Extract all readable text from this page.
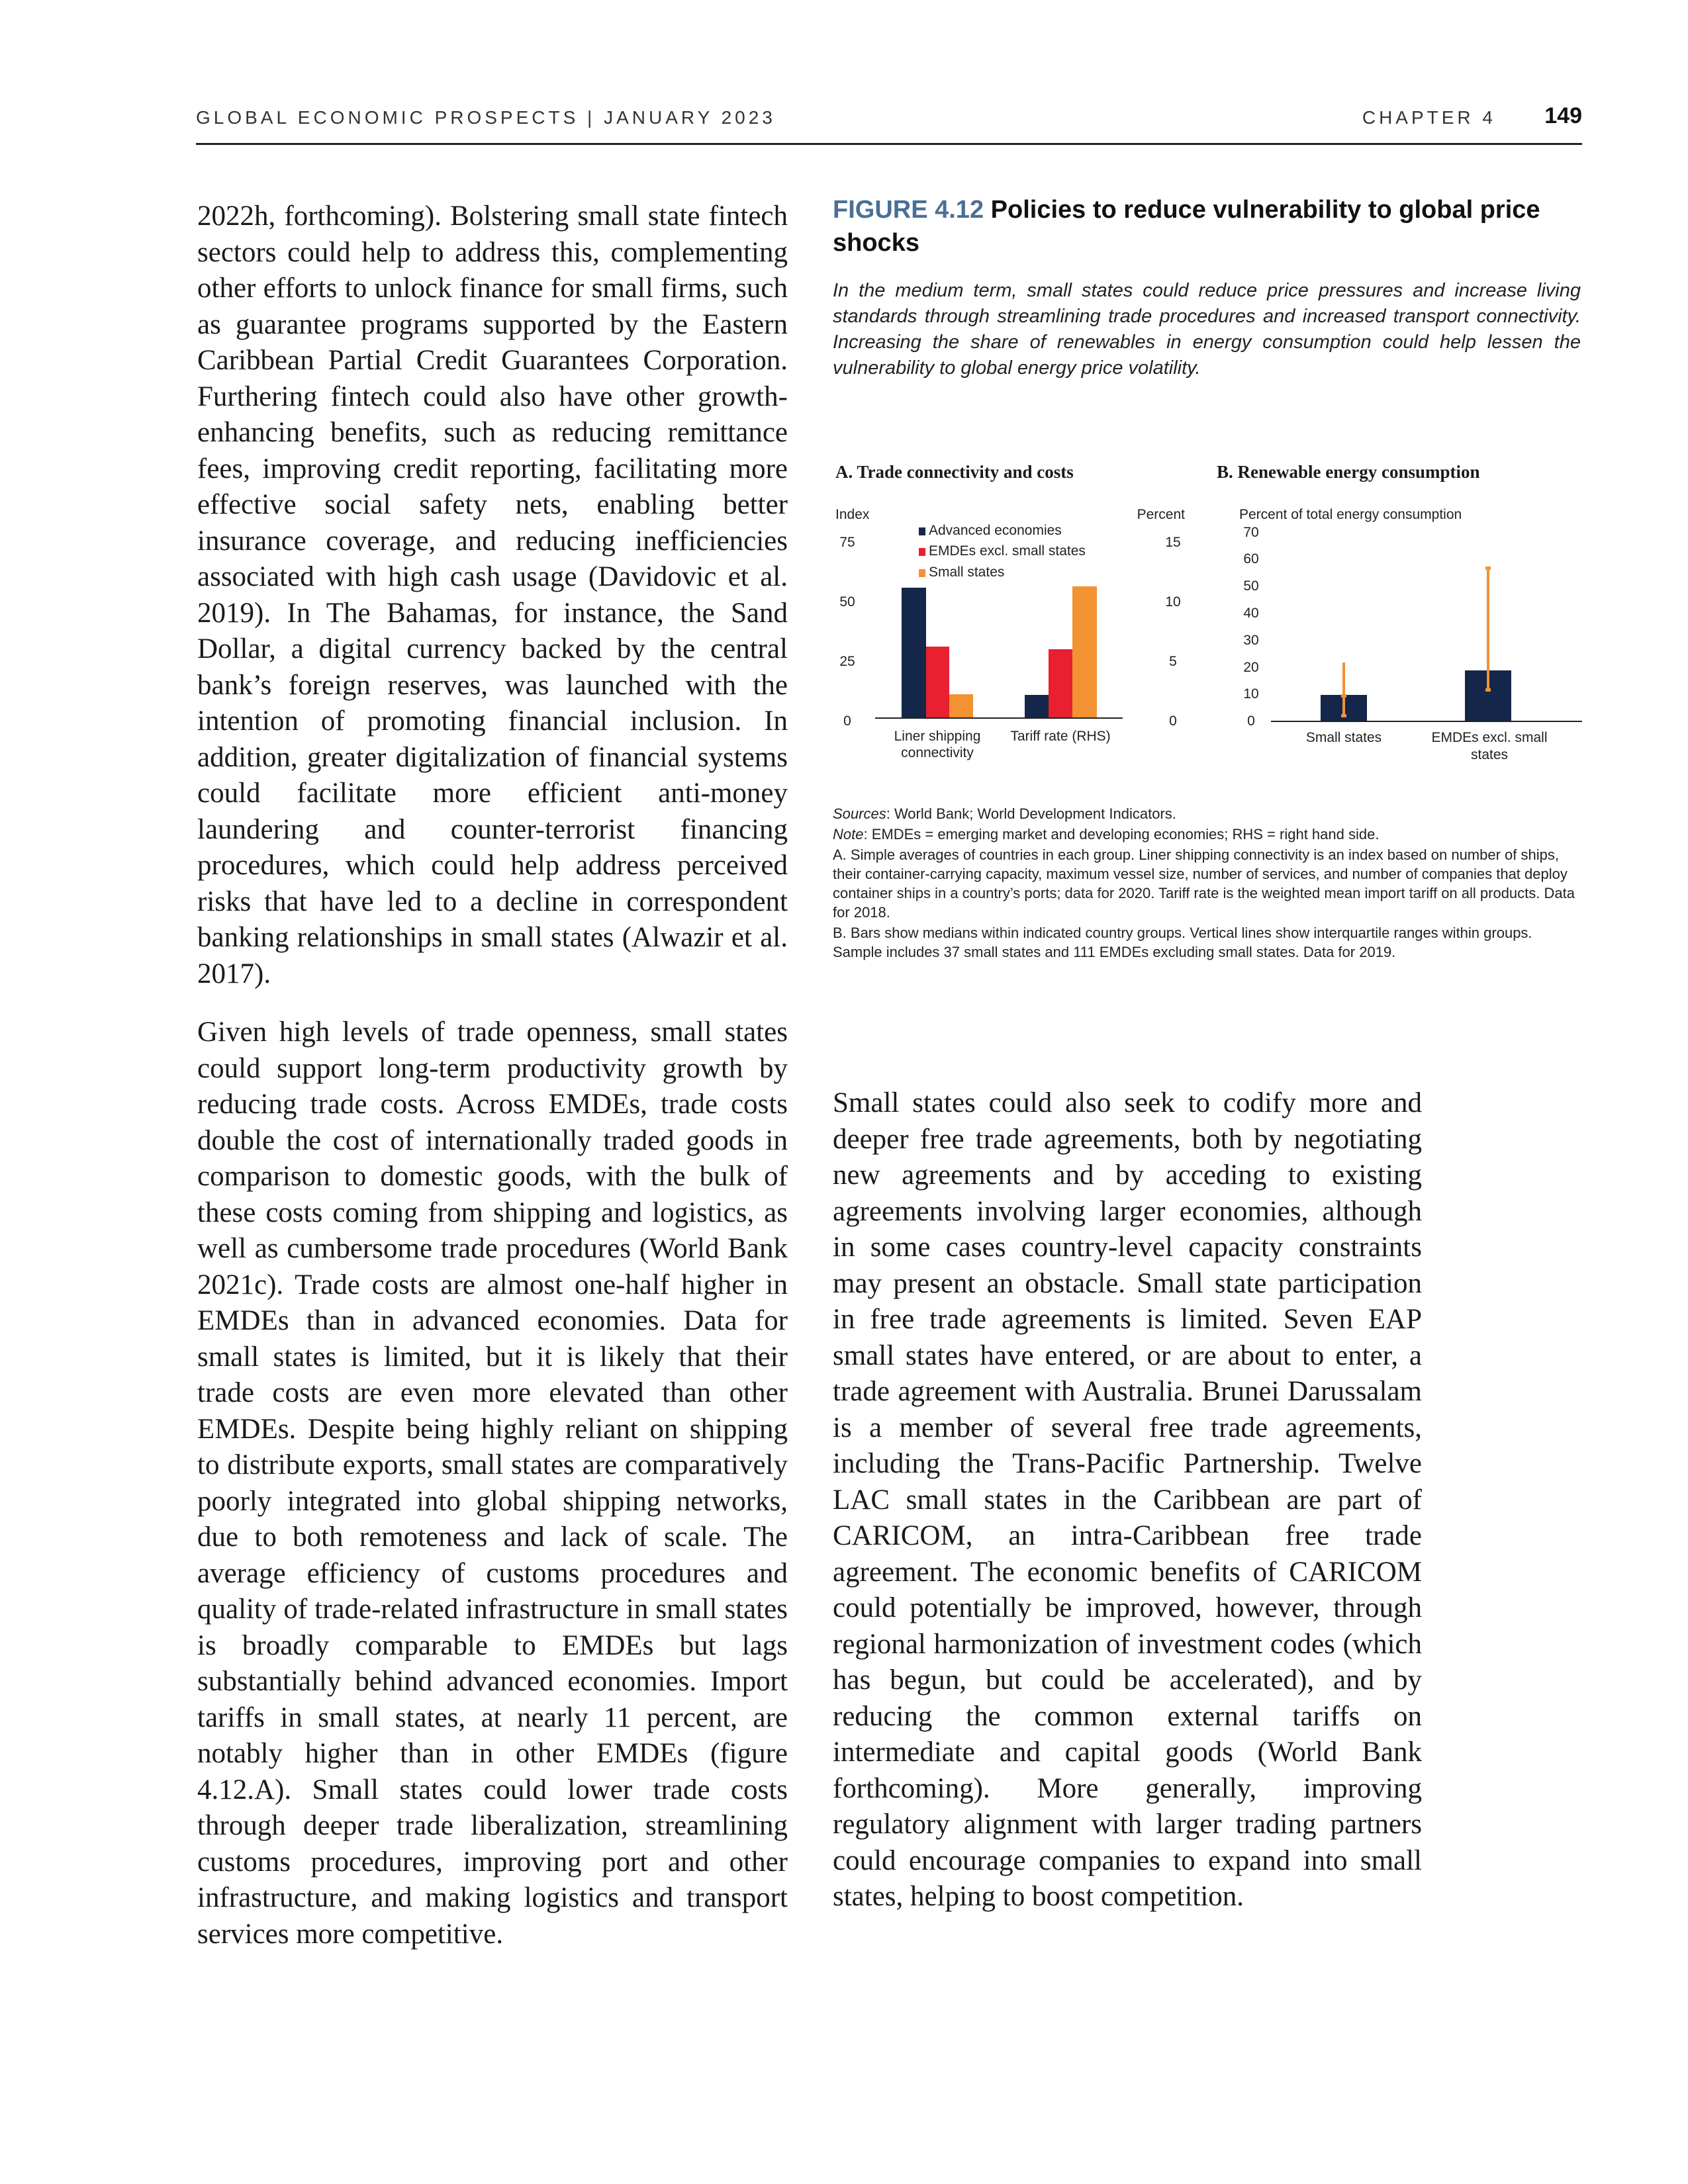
GLOBAL ECONOMIC PROSPECTS | JANUARY 2023	CHAPTER 4 149

2022h, forthcoming). Bolstering small state fintech sectors could help to address this, complementing other efforts to unlock finance for small firms, such as guarantee programs supported by the Eastern Caribbean Partial Credit Guarantees Corporation. Furthering fintech could also have other growth-enhancing benefits, such as reducing remittance fees, improving credit reporting, facilitating more effective social safety nets, enabling better insurance coverage, and reducing inefficiencies associated with high cash usage (Davidovic et al. 2019). In The Bahamas, for instance, the Sand Dollar, a digital currency backed by the central bank’s foreign reserves, was launched with the intention of promoting financial inclusion. In addition, greater digitalization of financial systems could facilitate more efficient anti-money laundering and counter-terrorist financing procedures, which could help address perceived risks that have led to a decline in correspondent banking relationships in small states (Alwazir et al. 2017).

Given high levels of trade openness, small states could support long-term productivity growth by reducing trade costs. Across EMDEs, trade costs double the cost of internationally traded goods in comparison to domestic goods, with the bulk of these costs coming from shipping and logistics, as well as cumbersome trade procedures (World Bank 2021c). Trade costs are almost one-half higher in EMDEs than in advanced economies. Data for small states is limited, but it is likely that their trade costs are even more elevated than other EMDEs. Despite being highly reliant on shipping to distribute exports, small states are comparatively poorly integrated into global shipping networks, due to both remoteness and lack of scale. The average efficiency of customs procedures and quality of trade-related infrastructure in small states is broadly comparable to EMDEs but lags substantially behind advanced economies. Import tariffs in small states, at nearly 11 percent, are notably higher than in other EMDEs (figure 4.12.A). Small states could lower trade costs through deeper trade liberalization, streamlining customs procedures, improving port and other infrastructure, and making logistics and transport services more competitive.

Small states could also seek to codify more and deeper free trade agreements, both by negotiating new agreements and by acceding to existing agreements involving larger economies, although in some cases country-level capacity constraints may present an obstacle. Small state participation in free trade agreements is limited. Seven EAP small states have entered, or are about to enter, a trade agreement with Australia. Brunei Darussalam is a member of several free trade agreements, including the Trans-Pacific Partnership. Twelve LAC small states in the Caribbean are part of CARICOM, an intra-Caribbean free trade agreement. The economic benefits of CARICOM could potentially be improved, however, through regional harmonization of investment codes (which has begun, but could be accelerated), and by reducing the common external tariffs on intermediate and capital goods (World Bank forthcoming). More generally, improving regulatory alignment with larger trading partners could encourage companies to expand into small states, helping to boost competition.

FIGURE 4.12 Policies to reduce vulnerability to global price shocks
In the medium term, small states could reduce price pressures and increase living standards through streamlining trade procedures and increased transport connectivity. Increasing the share of renewables in energy consumption could help lessen the vulnerability to global energy price volatility.
A. Trade connectivity and costs
Index	Percent
75
50
25
0
15
10
5
0
Advanced economies
EMDEs excl. small states
Small states
Liner shipping
connectivity
Tariff rate (RHS)
B. Renewable energy consumption
Percent of total energy consumption
70
60
50
40
30
20
10
0
Small states	EMDEs excl. small
states

Sources: World Bank; World Development Indicators.

Note: EMDEs = emerging market and developing economies; RHS = right hand side.

A. Simple averages of countries in each group. Liner shipping connectivity is an index based on number of ships, their container-carrying capacity, maximum vessel size, number of services, and number of companies that deploy container ships in a country’s ports; data for 2020. Tariff rate is the weighted mean import tariff on all products. Data for 2018.

B. Bars show medians within indicated country groups. Vertical lines show interquartile ranges within groups. Sample includes 37 small states and 111 EMDEs excluding small states. Data for 2019.
